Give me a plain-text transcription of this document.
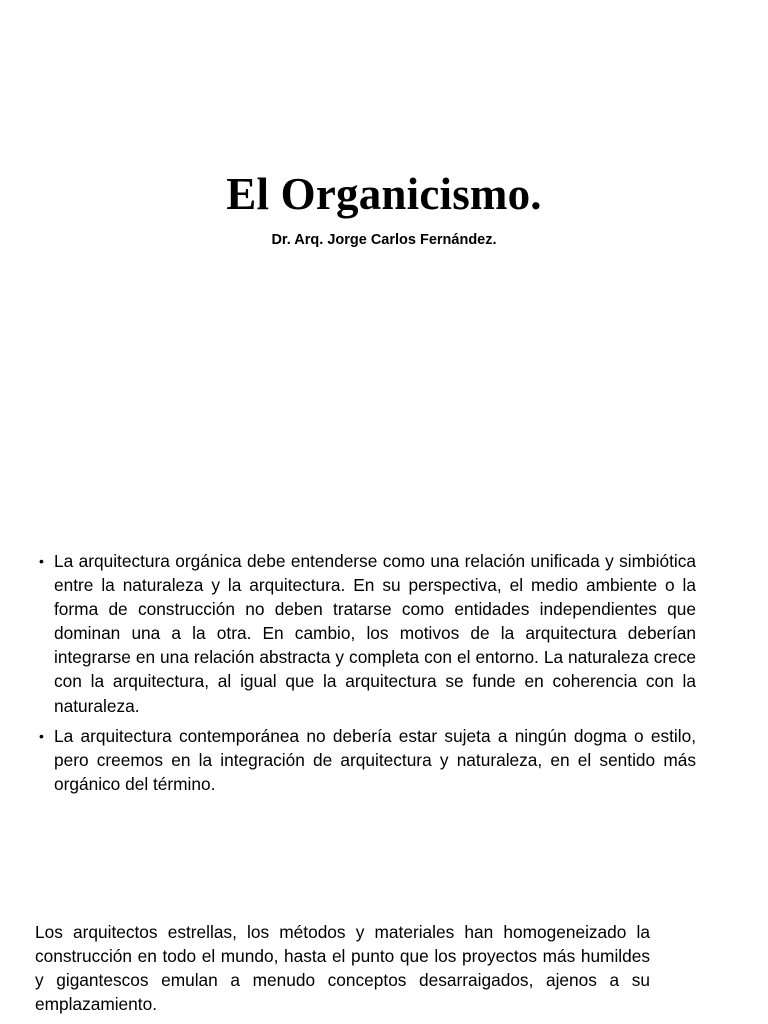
El Organicismo.
Dr. Arq. Jorge Carlos Fernández.
• La arquitectura orgánica debe entenderse como una relación unificada y simbiótica entre la naturaleza y la arquitectura. En su perspectiva, el medio ambiente o la forma de construcción no deben tratarse como entidades independientes que dominan una a la otra. En cambio, los motivos de la arquitectura deberían integrarse en una relación abstracta y completa con el entorno. La naturaleza crece con la arquitectura, al igual que la arquitectura se funde en coherencia con la naturaleza.
• La arquitectura contemporánea no debería estar sujeta a ningún dogma o estilo, pero creemos en la integración de arquitectura y naturaleza, en el sentido más orgánico del término.

Los arquitectos estrellas, los métodos y materiales han homogeneizado la construcción en todo el mundo, hasta el punto que los proyectos más humildes y gigantescos emulan a menudo conceptos desarraigados, ajenos a su emplazamiento.
